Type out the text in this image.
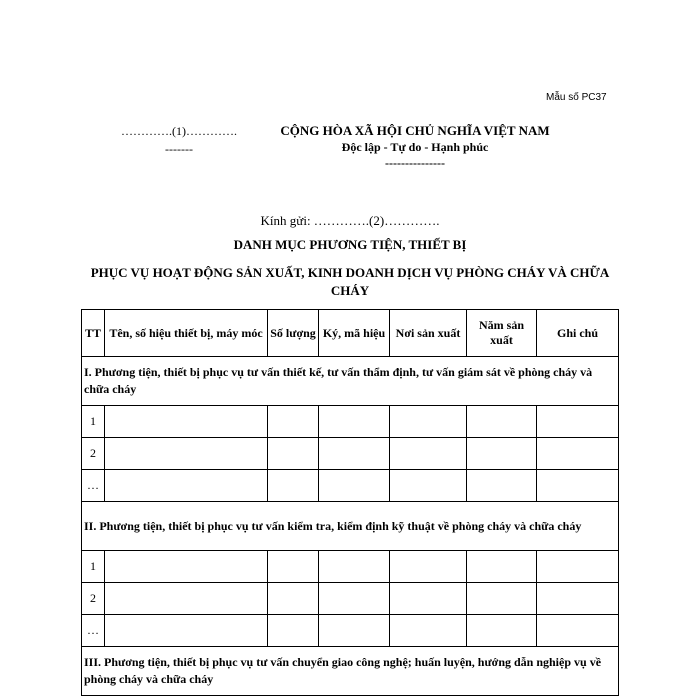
Mẫu số PC37
………….(1)………….
-------
CỘNG HÒA XÃ HỘI CHỦ NGHĨA VIỆT NAM
Độc lập - Tự do - Hạnh phúc
---------------
Kính gửi: ………….(2)………….
DANH MỤC PHƯƠNG TIỆN, THIẾT BỊ
PHỤC VỤ HOẠT ĐỘNG SẢN XUẤT, KINH DOANH DỊCH VỤ PHÒNG CHÁY VÀ CHỮA CHÁY
TT	Tên, số hiệu thiết bị, máy móc	Số lượng	Ký, mã hiệu	Nơi sản xuất	Năm sản xuất	Ghi chú
I. Phương tiện, thiết bị phục vụ tư vấn thiết kế, tư vấn thẩm định, tư vấn giám sát về phòng cháy và chữa cháy						
1						
2						
…						
II. Phương tiện, thiết bị phục vụ tư vấn kiểm tra, kiểm định kỹ thuật về phòng cháy và chữa cháy						
1						
2						
…						
III. Phương tiện, thiết bị phục vụ tư vấn chuyển giao công nghệ; huấn luyện, hướng dẫn nghiệp vụ về phòng cháy và chữa cháy						
